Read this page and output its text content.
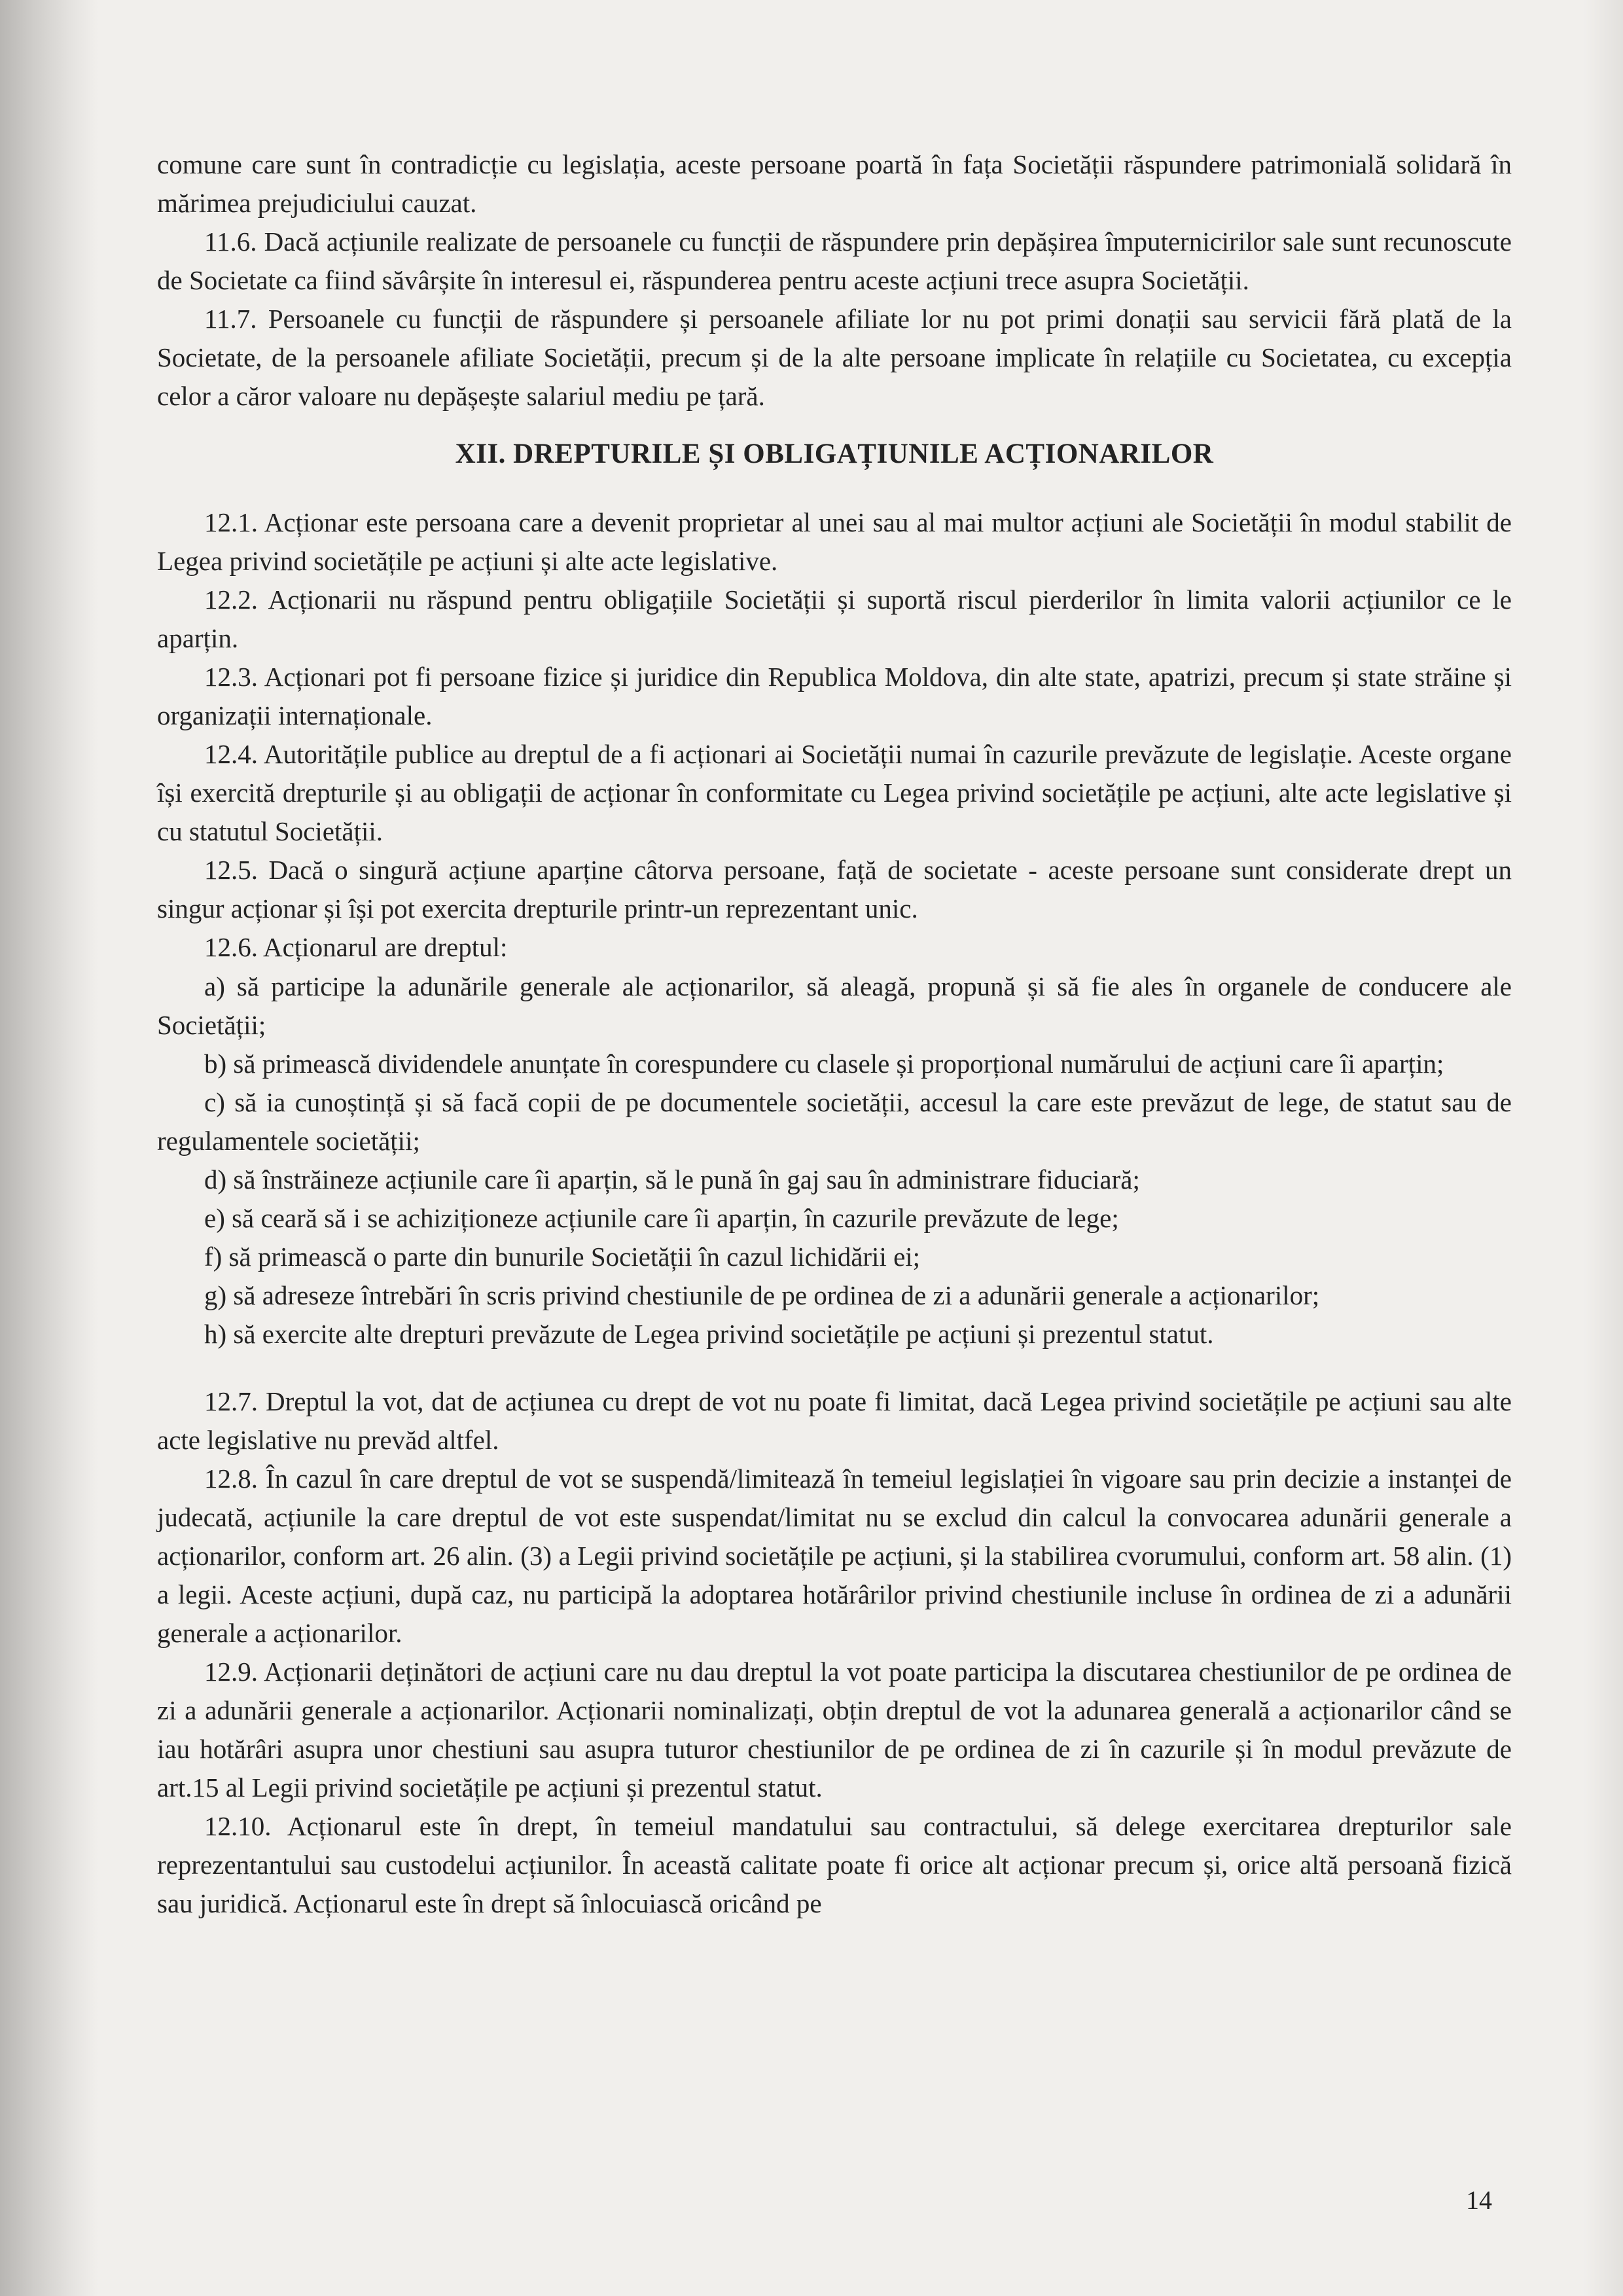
comune care sunt în contradicție cu legislația, aceste persoane poartă în fața Societății răspundere patrimonială solidară în mărimea prejudiciului cauzat.

11.6. Dacă acțiunile realizate de persoanele cu funcții de răspundere prin depășirea împuternicirilor sale sunt recunoscute de Societate ca fiind săvârșite în interesul ei, răspunderea pentru aceste acțiuni trece asupra Societății.

11.7. Persoanele cu funcții de răspundere și persoanele afiliate lor nu pot primi donații sau servicii fără plată de la Societate, de la persoanele afiliate Societății, precum și de la alte persoane implicate în relațiile cu Societatea, cu excepția celor a căror valoare nu depășește salariul mediu pe țară.

XII. DREPTURILE ȘI OBLIGAȚIUNILE ACȚIONARILOR

12.1. Acționar este persoana care a devenit proprietar al unei sau al mai multor acțiuni ale Societății în modul stabilit de Legea privind societățile pe acțiuni și alte acte legislative.

12.2. Acționarii nu răspund pentru obligațiile Societății și suportă riscul pierderilor în limita valorii acțiunilor ce le aparțin.

12.3. Acționari pot fi persoane fizice și juridice din Republica Moldova, din alte state, apatrizi, precum și state străine și organizații internaționale.

12.4. Autoritățile publice au dreptul de a fi acționari ai Societății numai în cazurile prevăzute de legislație. Aceste organe își exercită drepturile și au obligații de acționar în conformitate cu Legea privind societățile pe acțiuni, alte acte legislative și cu statutul Societății.

12.5. Dacă o singură acțiune aparține câtorva persoane, față de societate - aceste persoane sunt considerate drept un singur acționar și își pot exercita drepturile printr-un reprezentant unic.

12.6. Acționarul are dreptul:

a) să participe la adunările generale ale acționarilor, să aleagă, propună și să fie ales în organele de conducere ale Societății;

b) să primească dividendele anunțate în corespundere cu clasele și proporțional numărului de acțiuni care îi aparțin;

c) să ia cunoștință și să facă copii de pe documentele societății, accesul la care este prevăzut de lege, de statut sau de regulamentele societății;

d) să înstrăineze acțiunile care îi aparțin, să le pună în gaj sau în administrare fiduciară;

e) să ceară să i se achiziționeze acțiunile care îi aparțin, în cazurile prevăzute de lege;

f) să primească o parte din bunurile Societății în cazul lichidării ei;

g) să adreseze întrebări în scris privind chestiunile de pe ordinea de zi a adunării generale a acționarilor;

h) să exercite alte drepturi prevăzute de Legea privind societățile pe acțiuni și prezentul statut.

12.7. Dreptul la vot, dat de acțiunea cu drept de vot nu poate fi limitat, dacă Legea privind societățile pe acțiuni sau alte acte legislative nu prevăd altfel.

12.8. În cazul în care dreptul de vot se suspendă/limitează în temeiul legislației în vigoare sau prin decizie a instanței de judecată, acțiunile la care dreptul de vot este suspendat/limitat nu se exclud din calcul la convocarea adunării generale a acționarilor, conform art. 26 alin. (3) a Legii privind societățile pe acțiuni, și la stabilirea cvorumului, conform art. 58 alin. (1) a legii. Aceste acțiuni, după caz, nu participă la adoptarea hotărârilor privind chestiunile incluse în ordinea de zi a adunării generale a acționarilor.

12.9. Acționarii deținători de acțiuni care nu dau dreptul la vot poate participa la discutarea chestiunilor de pe ordinea de zi a adunării generale a acționarilor. Acționarii nominalizați, obțin dreptul de vot la adunarea generală a acționarilor când se iau hotărâri asupra unor chestiuni sau asupra tuturor chestiunilor de pe ordinea de zi în cazurile și în modul prevăzute de art.15 al Legii privind societățile pe acțiuni și prezentul statut.

12.10. Acționarul este în drept, în temeiul mandatului sau contractului, să delege exercitarea drepturilor sale reprezentantului sau custodelui acțiunilor. În această calitate poate fi orice alt acționar precum și, orice altă persoană fizică sau juridică. Acționarul este în drept să înlocuiască oricând pe

14
